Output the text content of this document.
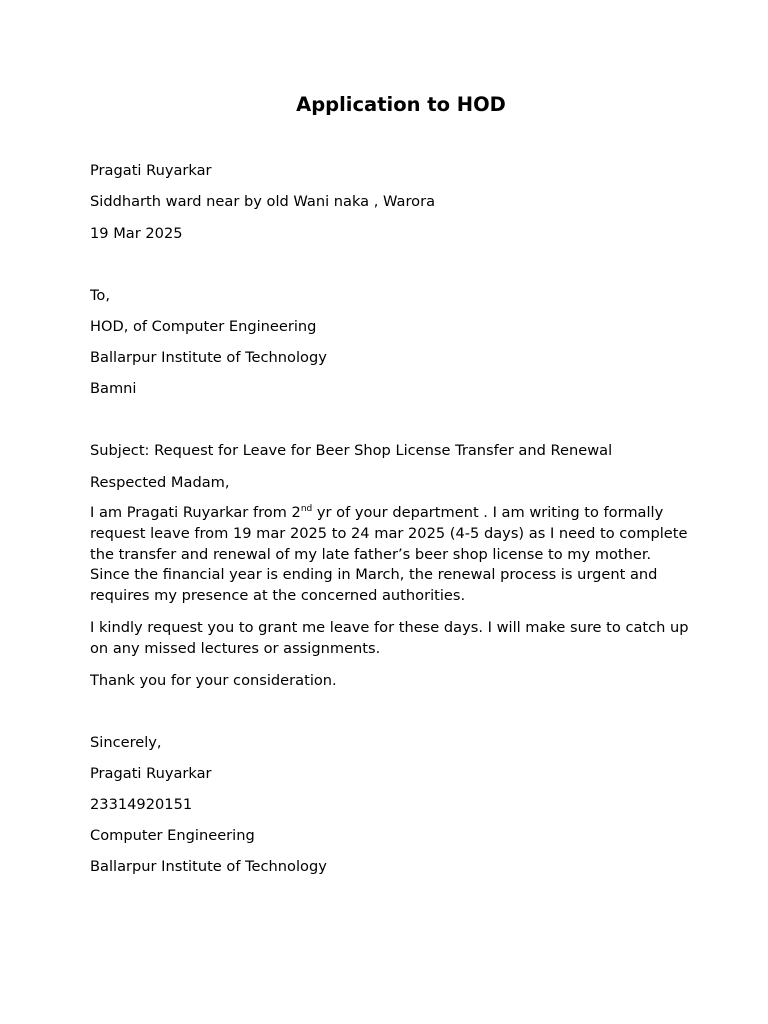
Application to HOD

Pragati Ruyarkar

Siddharth ward near by old Wani naka , Warora

19 Mar 2025

To,

HOD, of Computer Engineering

Ballarpur Institute of Technology

Bamni

Subject: Request for Leave for Beer Shop License Transfer and Renewal

Respected Madam,

I am Pragati Ruyarkar from 2nd yr of your department . I am writing to formally request leave from 19 mar 2025 to 24 mar 2025 (4-5 days) as I need to complete the transfer and renewal of my late father’s beer shop license to my mother. Since the financial year is ending in March, the renewal process is urgent and requires my presence at the concerned authorities.

I kindly request you to grant me leave for these days. I will make sure to catch up on any missed lectures or assignments.

Thank you for your consideration.

Sincerely,

Pragati Ruyarkar

23314920151

Computer Engineering

Ballarpur Institute of Technology
